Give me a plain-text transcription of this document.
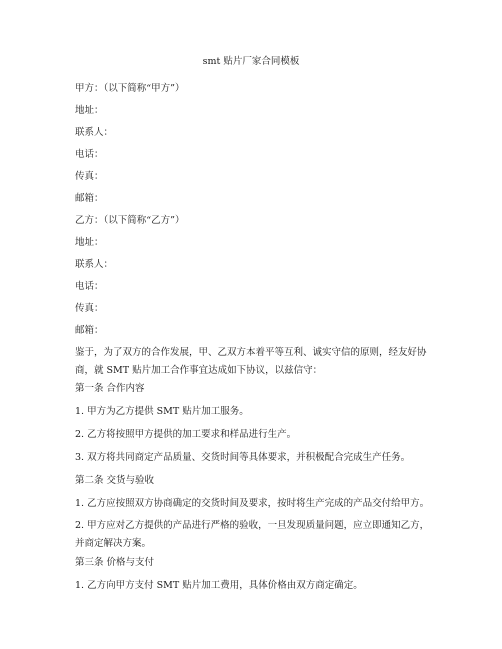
smt 贴片厂家合同模板
甲方：（以下简称“甲方”）
地址：
联系人：
电话：
传真：
邮箱：
乙方：（以下简称“乙方”）
地址：
联系人：
电话：
传真：
邮箱：
鉴于，为了双方的合作发展，甲、乙双方本着平等互利、诚实守信的原则，经友好协商，就 SMT 贴片加工合作事宜达成如下协议，以兹信守：
第一条 合作内容
1. 甲方为乙方提供 SMT 贴片加工服务。
2. 乙方将按照甲方提供的加工要求和样品进行生产。
3. 双方将共同商定产品质量、交货时间等具体要求，并积极配合完成生产任务。
第二条 交货与验收
1. 乙方应按照双方协商确定的交货时间及要求，按时将生产完成的产品交付给甲方。
2. 甲方应对乙方提供的产品进行严格的验收，一旦发现质量问题，应立即通知乙方，并商定解决方案。
第三条 价格与支付
1. 乙方向甲方支付 SMT 贴片加工费用，具体价格由双方商定确定。
